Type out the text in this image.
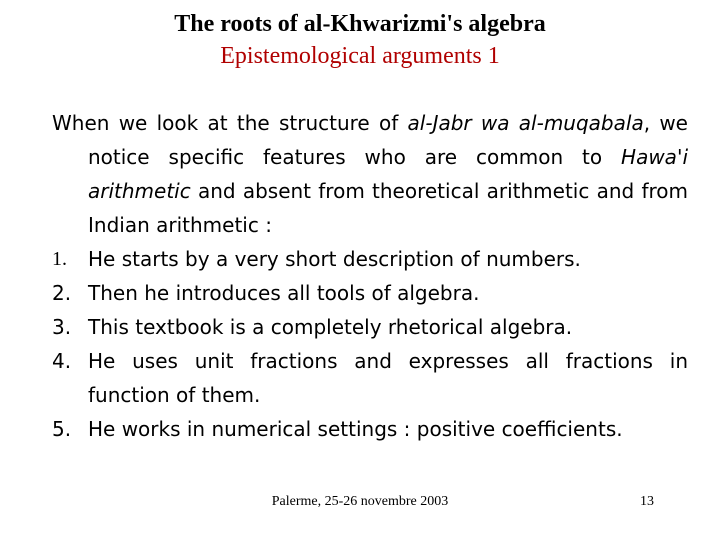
The roots of al-Khwarizmi's algebra
Epistemological arguments 1

When we look at the structure of al-Jabr wa al-muqabala, we notice specific features who are common to Hawa'i arithmetic and absent from theoretical arithmetic and from Indian arithmetic :

1.	He starts by a very short description of numbers.
2. Then he introduces all tools of algebra.
3. This textbook is a completely rhetorical algebra.
4. He uses unit fractions and expresses all fractions in function of them.
5. He works in numerical settings : positive coefficients.
Palerme, 25-26 novembre 2003	13
